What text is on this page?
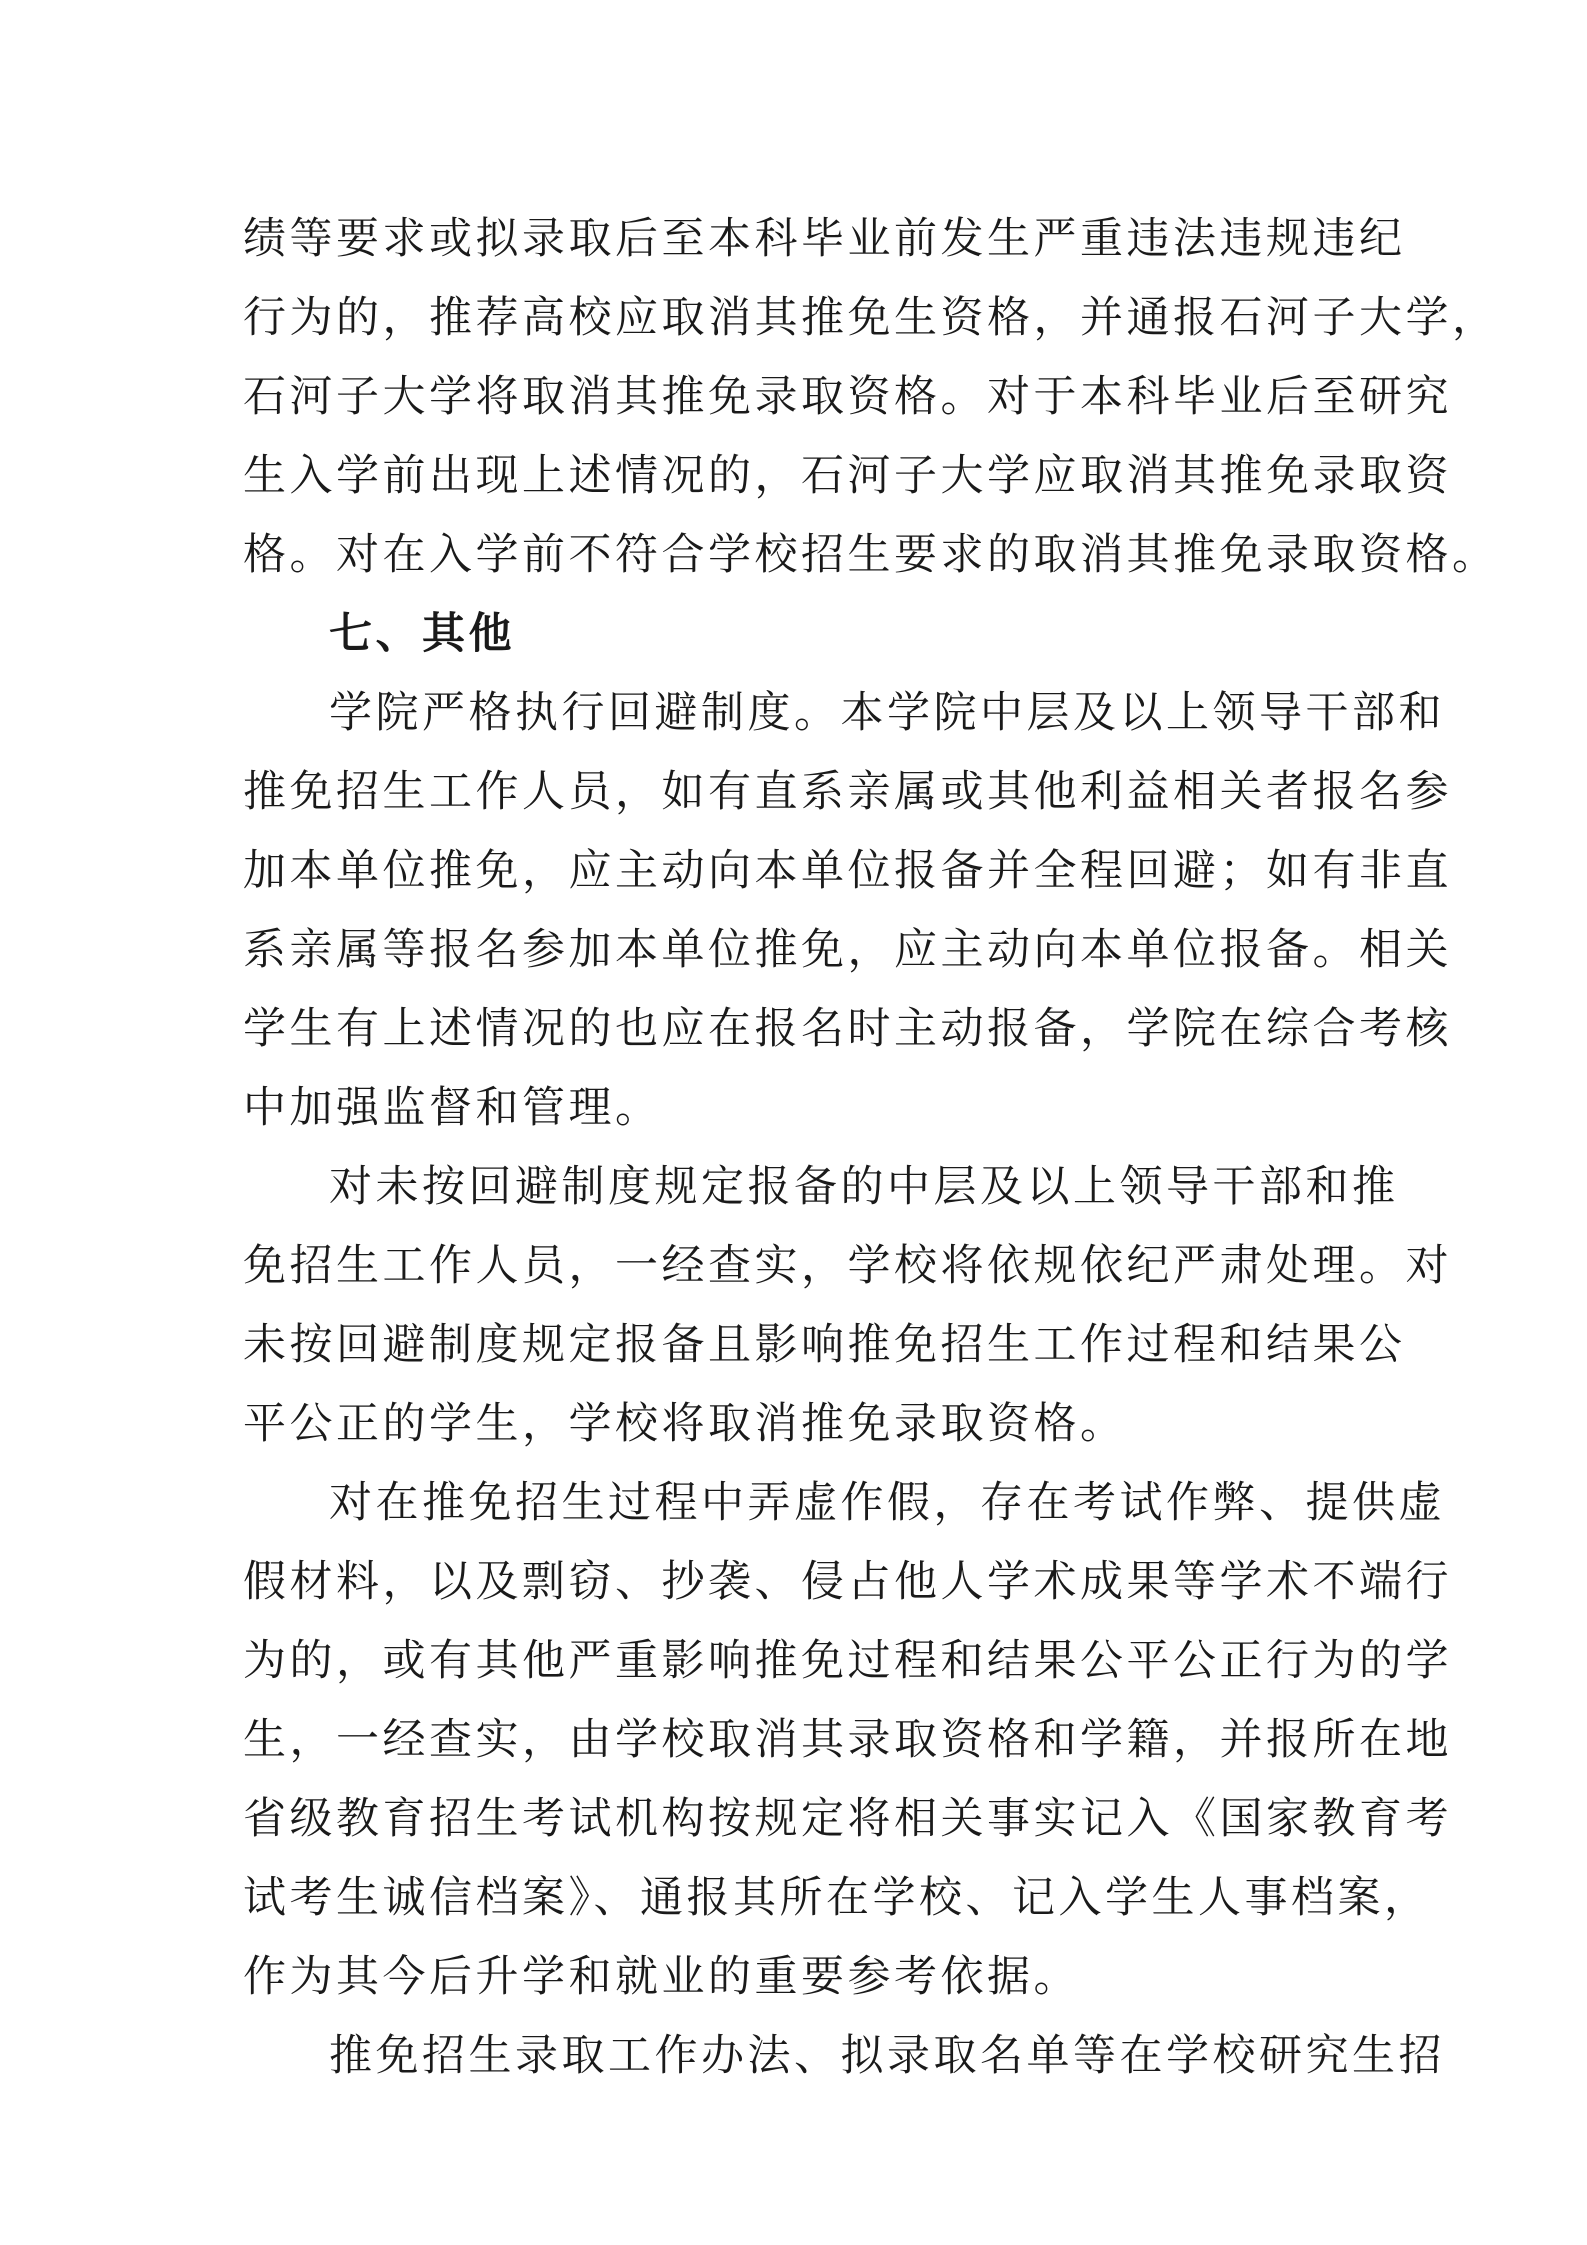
绩等要求或拟录取后至本科毕业前发生严重违法违规违纪
行为的，推荐高校应取消其推免生资格，并通报石河子大学，
石河子大学将取消其推免录取资格。对于本科毕业后至研究
生入学前出现上述情况的，石河子大学应取消其推免录取资
格。对在入学前不符合学校招生要求的取消其推免录取资格。

七、其他

学院严格执行回避制度。本学院中层及以上领导干部和
推免招生工作人员，如有直系亲属或其他利益相关者报名参
加本单位推免，应主动向本单位报备并全程回避；如有非直
系亲属等报名参加本单位推免，应主动向本单位报备。相关
学生有上述情况的也应在报名时主动报备，学院在综合考核
中加强监督和管理。

对未按回避制度规定报备的中层及以上领导干部和推
免招生工作人员，一经查实，学校将依规依纪严肃处理。对
未按回避制度规定报备且影响推免招生工作过程和结果公
平公正的学生，学校将取消推免录取资格。

对在推免招生过程中弄虚作假，存在考试作弊、提供虚
假材料，以及剽窃、抄袭、侵占他人学术成果等学术不端行
为的，或有其他严重影响推免过程和结果公平公正行为的学
生，一经查实，由学校取消其录取资格和学籍，并报所在地
省级教育招生考试机构按规定将相关事实记入《国家教育考
试考生诚信档案》、通报其所在学校、记入学生人事档案，
作为其今后升学和就业的重要参考依据。

推免招生录取工作办法、拟录取名单等在学校研究生招
